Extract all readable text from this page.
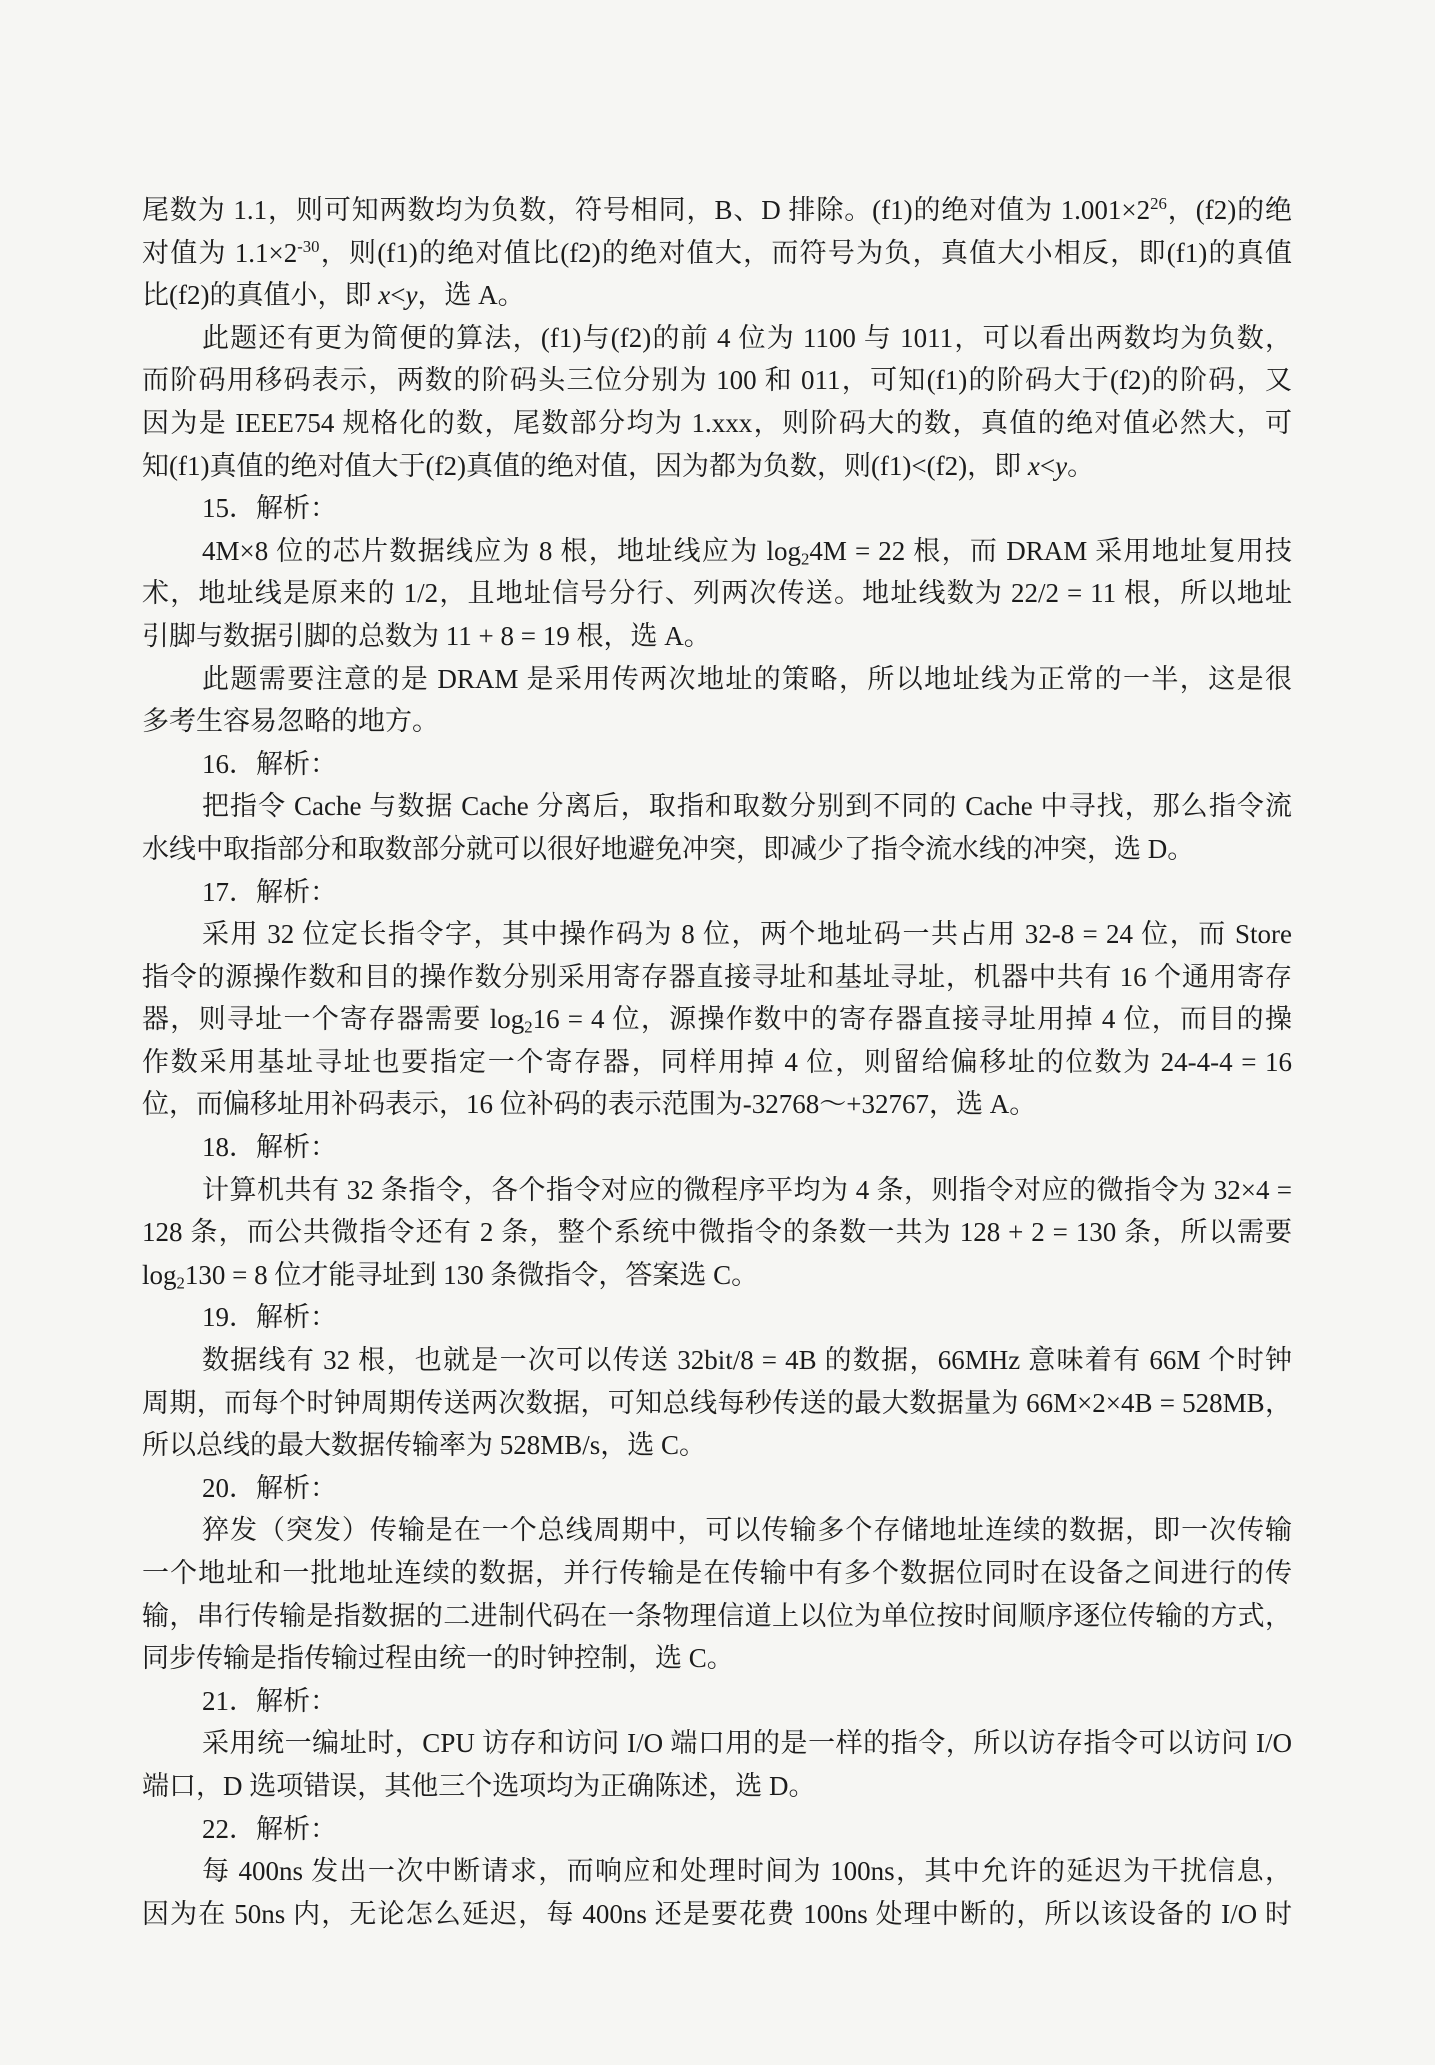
尾数为 1.1，则可知两数均为负数，符号相同，B、D 排除。(f1)的绝对值为 $1.001\times 2^{26}$，(f2)的绝
对值为 $1.1\times 2^{-30}$，则(f1)的绝对值比(f2)的绝对值大，而符号为负，真值大小相反，即(f1)的真值
比(f2)的真值小，即 x<y，选 A。
此题还有更为简便的算法，(f1)与(f2)的前 4 位为 1100 与 1011，可以看出两数均为负数，
而阶码用移码表示，两数的阶码头三位分别为 100 和 011，可知(f1)的阶码大于(f2)的阶码，又
因为是 IEEE754 规格化的数，尾数部分均为 1.xxx，则阶码大的数，真值的绝对值必然大，可
知(f1)真值的绝对值大于(f2)真值的绝对值，因为都为负数，则(f1)<(f2)，即 x<y。
15．解析：
4M×8 位的芯片数据线应为 8 根，地址线应为 $\log_24M = 22$ 根，而 DRAM 采用地址复用技
术，地址线是原来的 1/2，且地址信号分行、列两次传送。地址线数为 22/2 = 11 根，所以地址
引脚与数据引脚的总数为 11 + 8 = 19 根，选 A。
此题需要注意的是 DRAM 是采用传两次地址的策略，所以地址线为正常的一半，这是很
多考生容易忽略的地方。
16．解析：
把指令 Cache 与数据 Cache 分离后，取指和取数分别到不同的 Cache 中寻找，那么指令流
水线中取指部分和取数部分就可以很好地避免冲突，即减少了指令流水线的冲突，选 D。
17．解析：
采用 32 位定长指令字，其中操作码为 8 位，两个地址码一共占用 32-8 = 24 位，而 Store
指令的源操作数和目的操作数分别采用寄存器直接寻址和基址寻址，机器中共有 16 个通用寄存
器，则寻址一个寄存器需要 $\log_216 = 4$ 位，源操作数中的寄存器直接寻址用掉 4 位，而目的操
作数采用基址寻址也要指定一个寄存器，同样用掉 4 位，则留给偏移址的位数为 24-4-4 = 16
位，而偏移址用补码表示，16 位补码的表示范围为-32768～+32767，选 A。
18．解析：
计算机共有 32 条指令，各个指令对应的微程序平均为 4 条，则指令对应的微指令为 32×4 =
128 条，而公共微指令还有 2 条，整个系统中微指令的条数一共为 128 + 2 = 130 条，所以需要
$\log_2130 = 8$ 位才能寻址到 130 条微指令，答案选 C。
19．解析：
数据线有 32 根，也就是一次可以传送 32bit/8 = 4B 的数据，66MHz 意味着有 66M 个时钟
周期，而每个时钟周期传送两次数据，可知总线每秒传送的最大数据量为 66M×2×4B = 528MB，
所以总线的最大数据传输率为 528MB/s，选 C。
20．解析：
猝发（突发）传输是在一个总线周期中，可以传输多个存储地址连续的数据，即一次传输
一个地址和一批地址连续的数据，并行传输是在传输中有多个数据位同时在设备之间进行的传
输，串行传输是指数据的二进制代码在一条物理信道上以位为单位按时间顺序逐位传输的方式，
同步传输是指传输过程由统一的时钟控制，选 C。
21．解析：
采用统一编址时，CPU 访存和访问 I/O 端口用的是一样的指令，所以访存指令可以访问 I/O
端口，D 选项错误，其他三个选项均为正确陈述，选 D。
22．解析：
每 400ns 发出一次中断请求，而响应和处理时间为 100ns，其中允许的延迟为干扰信息，
因为在 50ns 内，无论怎么延迟，每 400ns 还是要花费 100ns 处理中断的，所以该设备的 I/O 时
